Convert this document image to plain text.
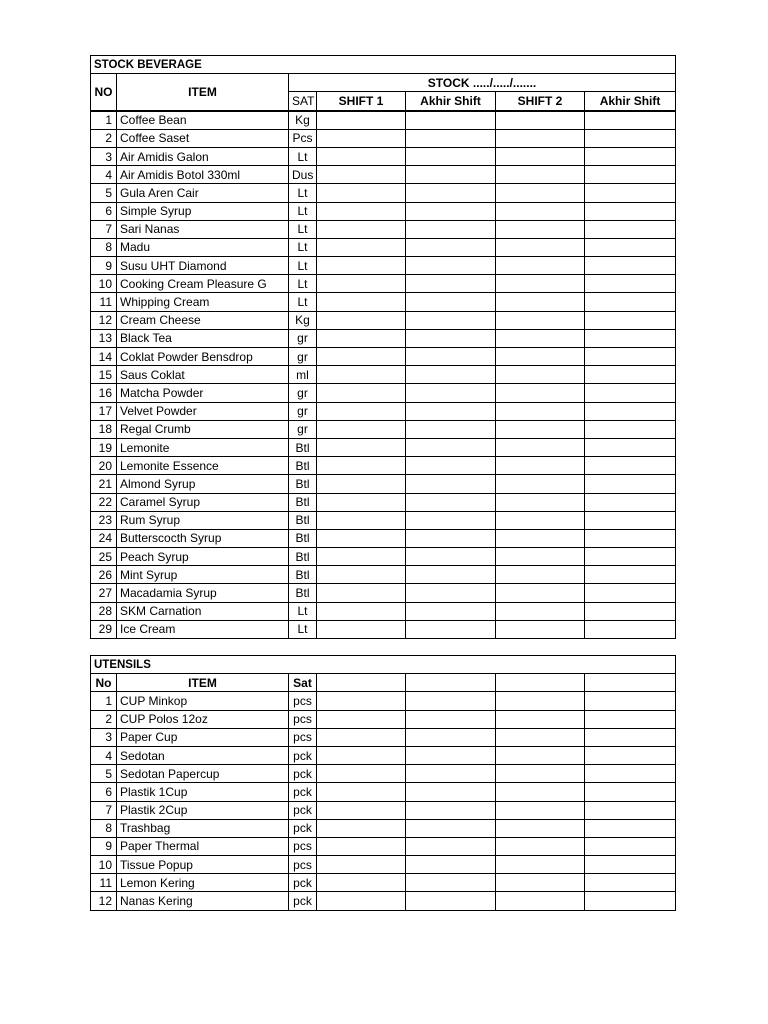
STOCK BEVERAGE						
NO	ITEM	STOCK ...../...../.......				
		SAT	SHIFT 1	Akhir Shift	SHIFT 2	Akhir Shift
1	Coffee Bean	Kg				
2	Coffee Saset	Pcs				
3	Air Amidis Galon	Lt				
4	Air Amidis Botol 330ml	Dus				
5	Gula Aren Cair	Lt				
6	Simple Syrup	Lt				
7	Sari Nanas	Lt				
8	Madu	Lt				
9	Susu UHT Diamond	Lt				
10	Cooking Cream Pleasure G	Lt				
11	Whipping Cream	Lt				
12	Cream Cheese	Kg				
13	Black Tea	gr				
14	Coklat Powder Bensdrop	gr				
15	Saus Coklat	ml				
16	Matcha Powder	gr				
17	Velvet Powder	gr				
18	Regal Crumb	gr				
19	Lemonite	Btl				
20	Lemonite Essence	Btl				
21	Almond Syrup	Btl				
22	Caramel Syrup	Btl				
23	Rum Syrup	Btl				
24	Butterscocth Syrup	Btl				
25	Peach Syrup	Btl				
26	Mint Syrup	Btl				
27	Macadamia Syrup	Btl				
28	SKM Carnation	Lt				
29	Ice Cream	Lt				
UTENSILS						
No	ITEM	Sat				
1	CUP Minkop	pcs				
2	CUP Polos 12oz	pcs				
3	Paper Cup	pcs				
4	Sedotan	pck				
5	Sedotan Papercup	pck				
6	Plastik 1Cup	pck				
7	Plastik 2Cup	pck				
8	Trashbag	pck				
9	Paper Thermal	pcs				
10	Tissue Popup	pcs				
11	Lemon Kering	pck				
12	Nanas Kering	pck				
